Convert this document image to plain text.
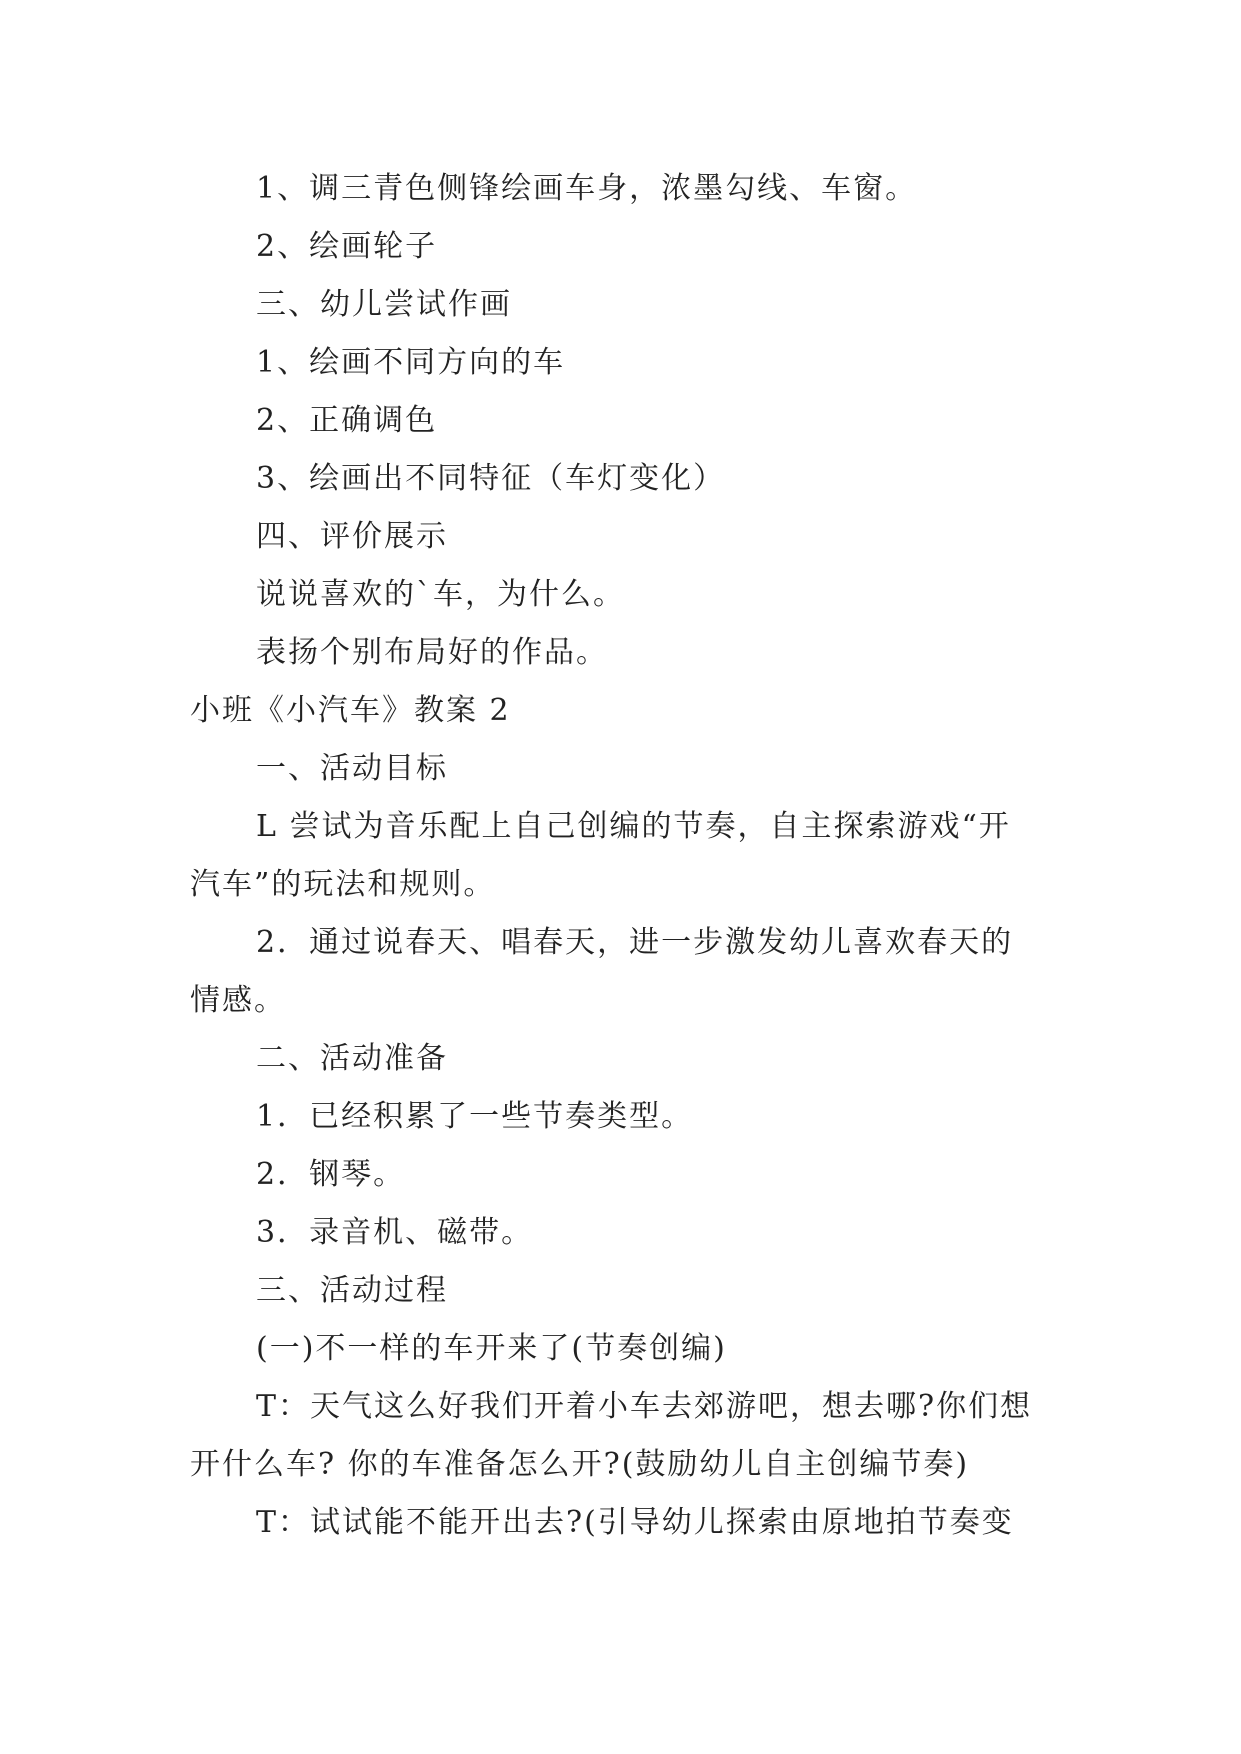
1、调三青色侧锋绘画车身，浓墨勾线、车窗。
2、绘画轮子
三、幼儿尝试作画
1、绘画不同方向的车
2、正确调色
3、绘画出不同特征（车灯变化）
四、评价展示
说说喜欢的`车，为什么。
表扬个别布局好的作品。
小班《小汽车》教案 2
一、活动目标
L 尝试为音乐配上自己创编的节奏，自主探索游戏“开
汽车”的玩法和规则。
2．通过说春天、唱春天，进一步激发幼儿喜欢春天的
情感。
二、活动准备
1．已经积累了一些节奏类型。
2．钢琴。
3．录音机、磁带。
三、活动过程
(一)不一样的车开来了(节奏创编)
T：天气这么好我们开着小车去郊游吧，想去哪?你们想
开什么车? 你的车准备怎么开?(鼓励幼儿自主创编节奏)
T：试试能不能开出去?(引导幼儿探索由原地拍节奏变
